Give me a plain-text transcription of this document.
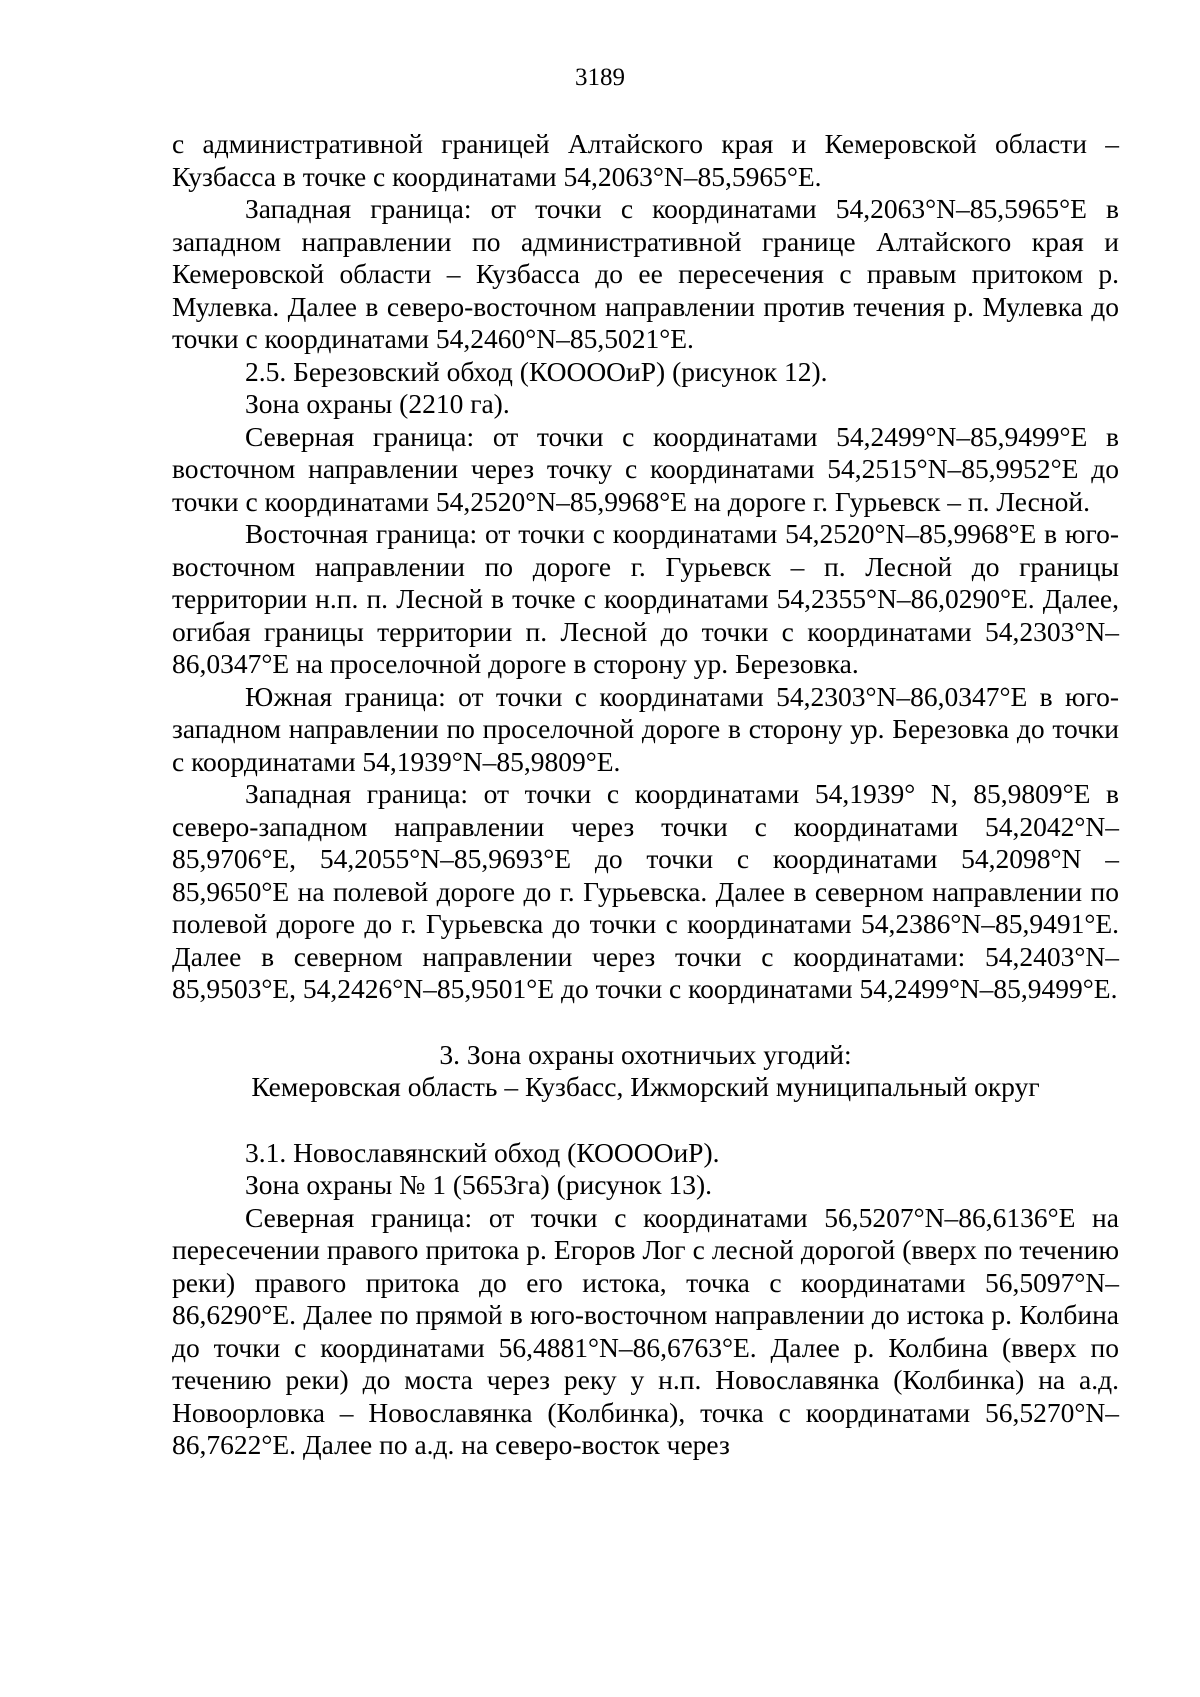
3189

с административной границей Алтайского края и Кемеровской области – Кузбасса в точке с координатами 54,2063°N–85,5965°E.

Западная граница: от точки с координатами 54,2063°N–85,5965°E в западном направлении по административной границе Алтайского края и Кемеровской области – Кузбасса до ее пересечения с правым притоком р. Мулевка. Далее в северо-восточном направлении против течения р. Мулевка до точки с координатами 54,2460°N–85,5021°E.

2.5. Березовский обход (КООООиР) (рисунок 12).

Зона охраны (2210 га).

Северная граница: от точки с координатами 54,2499°N–85,9499°E в восточном направлении через точку с координатами 54,2515°N–85,9952°E до точки с координатами 54,2520°N–85,9968°E на дороге г. Гурьевск – п. Лесной.

Восточная граница: от точки с координатами 54,2520°N–85,9968°E в юго-восточном направлении по дороге г. Гурьевск – п. Лесной до границы территории н.п. п. Лесной в точке с координатами 54,2355°N–86,0290°E. Далее, огибая границы территории п. Лесной до точки с координатами 54,2303°N–86,0347°E на проселочной дороге в сторону ур. Березовка.

Южная граница: от точки с координатами 54,2303°N–86,0347°E в юго-западном направлении по проселочной дороге в сторону ур. Березовка до точки с координатами 54,1939°N–85,9809°E.

Западная граница: от точки с координатами 54,1939° N, 85,9809°E в северо-западном направлении через точки с координатами 54,2042°N–85,9706°E, 54,2055°N–85,9693°E до точки с координатами 54,2098°N – 85,9650°E на полевой дороге до г. Гурьевска. Далее в северном направлении по полевой дороге до г. Гурьевска до точки с координатами 54,2386°N–85,9491°E. Далее в северном направлении через точки с координатами: 54,2403°N–85,9503°E, 54,2426°N–85,9501°E до точки с координатами 54,2499°N–85,9499°E.

3. Зона охраны охотничьих угодий:

Кемеровская область – Кузбасс, Ижморский муниципальный округ

3.1. Новославянский обход (КООООиР).

Зона охраны № 1 (5653га) (рисунок 13).

Северная граница: от точки с координатами 56,5207°N–86,6136°E на пересечении правого притока р. Егоров Лог с лесной дорогой (вверх по течению реки) правого притока до его истока, точка с координатами 56,5097°N–86,6290°E. Далее по прямой в юго-восточном направлении до истока р. Колбина до точки с координатами 56,4881°N–86,6763°E. Далее р. Колбина (вверх по течению реки) до моста через реку у н.п. Новославянка (Колбинка) на а.д. Новоорловка – Новославянка (Колбинка), точка с координатами 56,5270°N–86,7622°E. Далее по а.д. на северо-восток через
